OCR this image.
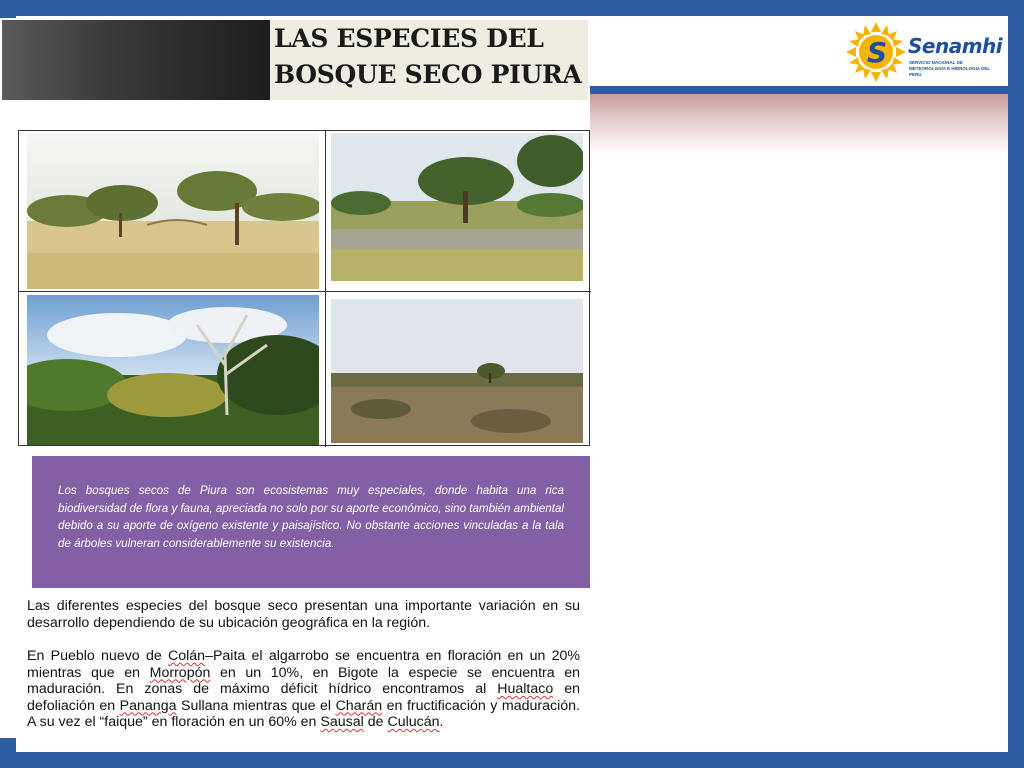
S Senamhi
SERVICIO NACIONAL DE METEOROLOGÍA E HIDROLOGÍA DEL PERÚ
LAS ESPECIES DEL
BOSQUE SECO PIURA

Los bosques secos de Piura son ecosistemas muy especiales, donde habita una rica biodiversidad de flora y fauna, apreciada no solo por su aporte económico, sino también ambiental debido a su aporte de oxígeno existente y paisajístico. No obstante acciones vinculadas a la tala de árboles vulneran considerablemente su existencia.

Las diferentes especies del bosque seco presentan una importante variación en su desarrollo dependiendo de su ubicación geográfica en la región.
En Pueblo nuevo de Colán–Paita el algarrobo se encuentra en floración en un 20% mientras que en Morropón en un 10%, en Bigote la especie se encuentra en maduración. En zonas de máximo déficit hídrico encontramos al Hualtaco en defoliación en Pananga Sullana mientras que el Charán en fructificación y maduración. A su vez el “faique” en floración en un 60% en Sausal de Culucán.
